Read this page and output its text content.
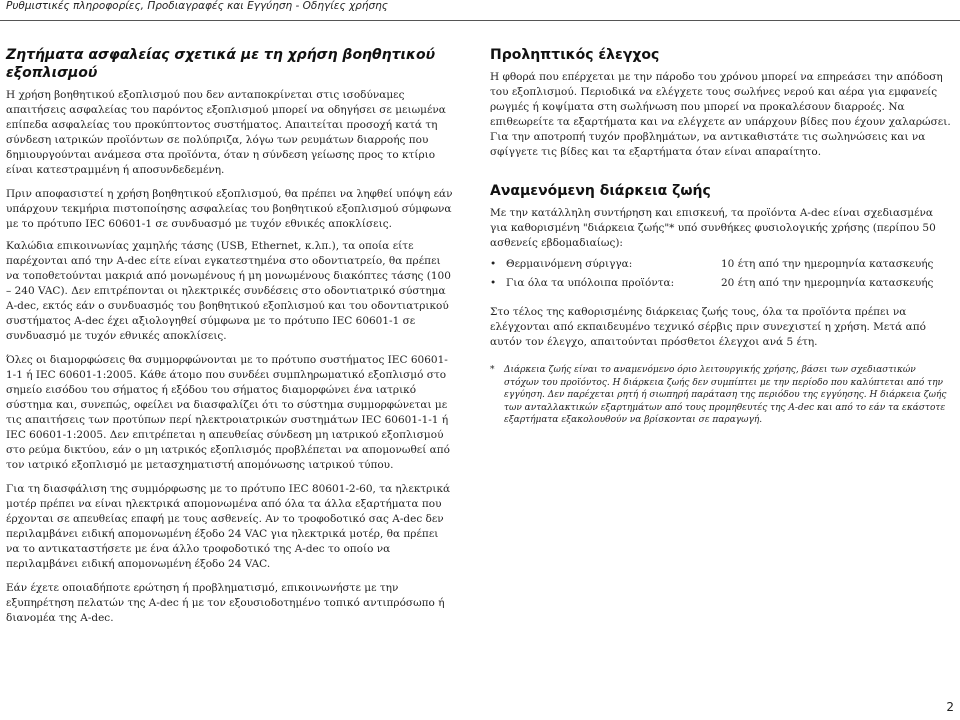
Ρυθμιστικές πληροφορίες, Προδιαγραφές και Εγγύηση - Οδηγίες χρήσης
Ζητήματα ασφαλείας σχετικά με τη χρήση βοηθητικού εξοπλισμού

Η χρήση βοηθητικού εξοπλισμού που δεν ανταποκρίνεται στις ισοδύναμες απαιτήσεις ασφαλείας του παρόντος εξοπλισμού μπορεί να οδηγήσει σε μειωμένα επίπεδα ασφαλείας του προκύπτοντος συστήματος. Απαιτείται προσοχή κατά τη σύνδεση ιατρικών προϊόντων σε πολύπριζα, λόγω των ρευμάτων διαρροής που δημιουργούνται ανάμεσα στα προϊόντα, όταν η σύνδεση γείωσης προς το κτίριο είναι κατεστραμμένη ή αποσυνδεδεμένη.

Πριν αποφασιστεί η χρήση βοηθητικού εξοπλισμού, θα πρέπει να ληφθεί υπόψη εάν υπάρχουν τεκμήρια πιστοποίησης ασφαλείας του βοηθητικού εξοπλισμού σύμφωνα με το πρότυπο IEC 60601-1 σε συνδυασμό με τυχόν εθνικές αποκλίσεις.

Καλώδια επικοινωνίας χαμηλής τάσης (USB, Ethernet, κ.λπ.), τα οποία είτε παρέχονται από την A-dec είτε είναι εγκατεστημένα στο οδοντιατρείο, θα πρέπει να τοποθετούνται μακριά από μονωμένους ή μη μονωμένους διακόπτες τάσης (100 – 240 VAC). Δεν επιτρέπονται οι ηλεκτρικές συνδέσεις στο οδοντιατρικό σύστημα A-dec, εκτός εάν ο συνδυασμός του βοηθητικού εξοπλισμού και του οδοντιατρικού συστήματος A-dec έχει αξιολογηθεί σύμφωνα με το πρότυπο IEC 60601-1 σε συνδυασμό με τυχόν εθνικές αποκλίσεις.

Όλες οι διαμορφώσεις θα συμμορφώνονται με το πρότυπο συστήματος IEC 60601-1-1 ή IEC 60601-1:2005. Κάθε άτομο που συνδέει συμπληρωματικό εξοπλισμό στο σημείο εισόδου του σήματος ή εξόδου του σήματος διαμορφώνει ένα ιατρικό σύστημα και, συνεπώς, οφείλει να διασφαλίζει ότι το σύστημα συμμορφώνεται με τις απαιτήσεις των προτύπων περί ηλεκτροιατρικών συστημάτων IEC 60601-1-1 ή IEC 60601-1:2005. Δεν επιτρέπεται η απευθείας σύνδεση μη ιατρικού εξοπλισμού στο ρεύμα δικτύου, εάν ο μη ιατρικός εξοπλισμός προβλέπεται να απομονωθεί από τον ιατρικό εξοπλισμό με μετασχηματιστή απομόνωσης ιατρικού τύπου.

Για τη διασφάλιση της συμμόρφωσης με το πρότυπο IEC 80601-2-60, τα ηλεκτρικά μοτέρ πρέπει να είναι ηλεκτρικά απομονωμένα από όλα τα άλλα εξαρτήματα που έρχονται σε απευθείας επαφή με τους ασθενείς. Αν το τροφοδοτικό σας A-dec δεν περιλαμβάνει ειδική απομονωμένη έξοδο 24 VAC για ηλεκτρικά μοτέρ, θα πρέπει να το αντικαταστήσετε με ένα άλλο τροφοδοτικό της A-dec το οποίο να περιλαμβάνει ειδική απομονωμένη έξοδο 24 VAC.

Εάν έχετε οποιαδήποτε ερώτηση ή προβληματισμό, επικοινωνήστε με την εξυπηρέτηση πελατών της A-dec ή με τον εξουσιοδοτημένο τοπικό αντιπρόσωπο ή διανομέα της A-dec.

Προληπτικός έλεγχος

Η φθορά που επέρχεται με την πάροδο του χρόνου μπορεί να επηρεάσει την απόδοση του εξοπλισμού. Περιοδικά να ελέγχετε τους σωλήνες νερού και αέρα για εμφανείς ρωγμές ή κοψίματα στη σωλήνωση που μπορεί να προκαλέσουν διαρροές. Να επιθεωρείτε τα εξαρτήματα και να ελέγχετε αν υπάρχουν βίδες που έχουν χαλαρώσει. Για την αποτροπή τυχόν προβλημάτων, να αντικαθιστάτε τις σωληνώσεις και να σφίγγετε τις βίδες και τα εξαρτήματα όταν είναι απαραίτητο.

Αναμενόμενη διάρκεια ζωής

Με την κατάλληλη συντήρηση και επισκευή, τα προϊόντα A-dec είναι σχεδιασμένα για καθορισμένη "διάρκεια ζωής"* υπό συνθήκες φυσιολογικής χρήσης (περίπου 50 ασθενείς εβδομαδιαίως):

• Θερμαινόμενη σύριγγα:	10 έτη από την ημερομηνία κατασκευής
• Για όλα τα υπόλοιπα προϊόντα:	20 έτη από την ημερομηνία κατασκευής

Στο τέλος της καθορισμένης διάρκειας ζωής τους, όλα τα προϊόντα πρέπει να ελέγχονται από εκπαιδευμένο τεχνικό σέρβις πριν συνεχιστεί η χρήση. Μετά από αυτόν τον έλεγχο, απαιτούνται πρόσθετοι έλεγχοι ανά 5 έτη.

*	Διάρκεια ζωής είναι το αναμενόμενο όριο λειτουργικής χρήσης, βάσει των σχεδιαστικών στόχων του προϊόντος. Η διάρκεια ζωής δεν συμπίπτει με την περίοδο που καλύπτεται από την εγγύηση. Δεν παρέχεται ρητή ή σιωπηρή παράταση της περιόδου της εγγύησης. Η διάρκεια ζωής των ανταλλακτικών εξαρτημάτων από τους προμηθευτές της A-dec και από το εάν τα εκάστοτε εξαρτήματα εξακολουθούν να βρίσκονται σε παραγωγή.
2
